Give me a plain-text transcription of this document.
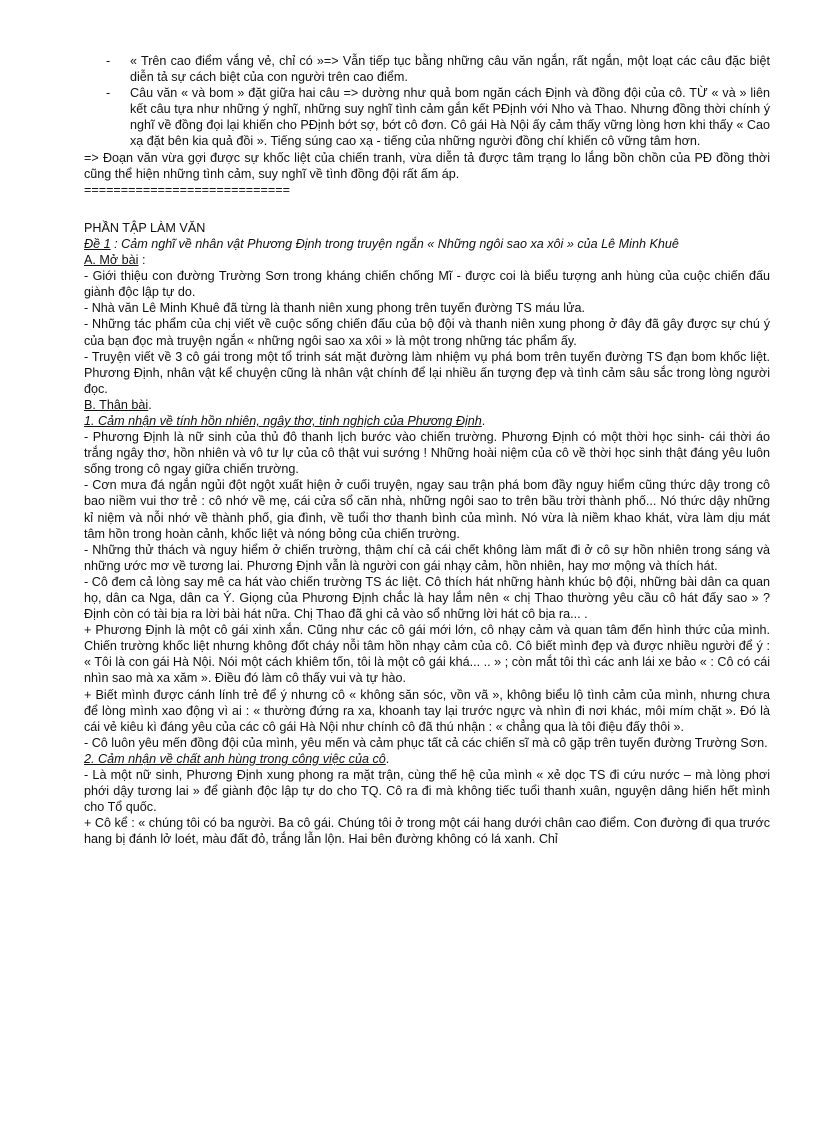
-	« Trên cao điểm vắng vẻ, chỉ có »=> Vẫn tiếp tục bằng những câu văn ngắn, rất ngắn, một loạt các câu đặc biệt diễn tả sự cách biệt của con người trên cao điểm.
-	Câu văn « và bom » đặt giữa hai câu => dường như quả bom ngăn cách Định và đồng đội của cô. TỪ « và » liên kết câu tựa như những ý nghĩ, những suy nghĩ tình cảm gắn kết PĐịnh với Nho và Thao. Nhưng đồng thời chính ý nghĩ về đồng đọi lại khiến cho PĐịnh bớt sợ, bớt cô đơn. Cô gái Hà Nội ấy cảm thấy vững lòng hơn khi thấy « Cao xạ đặt bên kia quả đồi ». Tiếng súng cao xạ - tiếng của những người đồng chí khiến cô vững tâm hơn.

=> Đoạn văn vừa gợi được sự khốc liệt của chiến tranh, vừa diễn tả được tâm trạng lo lắng bồn chồn của PĐ đồng thời cũng thể hiện những tình cảm, suy nghĩ về tình đồng đội rất ấm áp.

============================

PHẦN TẬP LÀM VĂN

Đề 1 : Cảm nghĩ về nhân vật Phương Định trong truyện ngắn « Những ngôi sao xa xôi » của Lê Minh Khuê

A. Mở bài :

- Giới thiệu con đường Trường Sơn trong kháng chiến chống Mĩ - được coi là biểu tượng anh hùng của cuộc chiến đấu giành độc lập tự do.

- Nhà văn Lê Minh Khuê đã từng là thanh niên xung phong trên tuyến đường TS máu lửa.

- Những tác phẩm của chị viết về cuộc sống chiến đấu của bộ đội và thanh niên xung phong ở đây đã gây được sự chú ý của bạn đọc mà truyện ngắn « những ngôi sao xa xôi » là một trong những tác phẩm ấy.

- Truyện viết về 3 cô gái trong một tổ trinh sát mặt đường làm nhiệm vụ phá bom trên tuyến đường TS đạn bom khốc liệt. Phương Định, nhân vật kể chuyện cũng là nhân vật chính để lại nhiều ấn tượng đẹp và tình cảm sâu sắc trong lòng người đọc.

B. Thân bài.

1. Cảm nhận về tính hồn nhiên, ngây thơ, tinh nghịch của Phương Định.

- Phương Định là nữ sinh của thủ đô thanh lịch bước vào chiến trường. Phương Định có một thời học sinh- cái thời áo trắng ngây thơ, hồn nhiên và vô tư lự của cô thật vui sướng ! Những hoài niệm của cô về thời học sinh thật đáng yêu luôn sống trong cô ngay giữa chiến trường.

- Cơn mưa đá ngắn ngủi đột ngột xuất hiện ở cuối truyện, ngay sau trận phá bom đầy nguy hiểm cũng thức dậy trong cô bao niềm vui thơ trẻ : cô nhớ về mẹ, cái cửa sổ căn nhà, những ngôi sao to trên bầu trời thành phố... Nó thức dậy những kỉ niệm và nỗi nhớ về thành phố, gia đình, về tuổi thơ thanh bình của mình. Nó vừa là niềm khao khát, vừa làm dịu mát tâm hồn trong hoàn cảnh, khốc liệt và nóng bỏng của chiến trường.

- Những thử thách và nguy hiểm ở chiến trường, thậm chí cả cái chết không làm mất đi ở cô sự hồn nhiên trong sáng và những ước mơ về tương lai. Phương Định vẫn là người con gái nhạy cảm, hồn nhiên, hay mơ mộng và thích hát.

- Cô đem cả lòng say mê ca hát vào chiến trường TS ác liệt. Cô thích hát những hành khúc bộ đội, những bài dân ca quan họ, dân ca Nga, dân ca Ý. Giọng của Phương Định chắc là hay lắm nên « chị Thao thường yêu cầu cô hát đấy sao » ? Định còn có tài bịa ra lời bài hát nữa. Chị Thao đã ghi cả vào sổ những lời hát cô bịa ra... .

+ Phương Định là một cô gái xinh xắn. Cũng như các cô gái mới lớn, cô nhạy cảm và quan tâm đến hình thức của mình. Chiến trường khốc liệt nhưng không đốt cháy nỗi tâm hồn nhạy cảm của cô. Cô biết mình đẹp và được nhiều người để ý : « Tôi là con gái Hà Nội. Nói một cách khiêm tốn, tôi là một cô gái khá... .. » ; còn mắt tôi thì các anh lái xe bảo « : Cô có cái nhìn sao mà xa xăm ». Điều đó làm cô thấy vui và tự hào.

+ Biết mình được cánh lính trẻ để ý nhưng cô « không săn sóc, vồn vã », không biểu lộ tình cảm của mình, nhưng chưa để lòng mình xao động vì ai : « thường đứng ra xa, khoanh tay lại trước ngực và nhìn đi nơi khác, môi mím chặt ». Đó là cái vẻ kiêu kì đáng yêu của các cô gái Hà Nội như chính cô đã thú nhận : « chẳng qua là tôi điệu đấy thôi ».

- Cô luôn yêu mến đồng đội của mình, yêu mến và cảm phục tất cả các chiến sĩ mà cô gặp trên tuyến đường Trường Sơn.

2. Cảm nhận về chất anh hùng trong công việc của cô.

- Là một nữ sinh, Phương Định xung phong ra mặt trận, cùng thế hệ của mình « xẻ dọc TS đi cứu nước – mà lòng phơi phới dậy tương lai » để giành độc lập tự do cho TQ. Cô ra đi mà không tiếc tuổi thanh xuân, nguyện dâng hiến hết mình cho Tổ quốc.

+ Cô kể : « chúng tôi có ba người. Ba cô gái. Chúng tôi ở trong một cái hang dưới chân cao điểm. Con đường đi qua trước hang bị đánh lở loét, màu đất đỏ, trắng lẫn lộn. Hai bên đường không có lá xanh. Chỉ
